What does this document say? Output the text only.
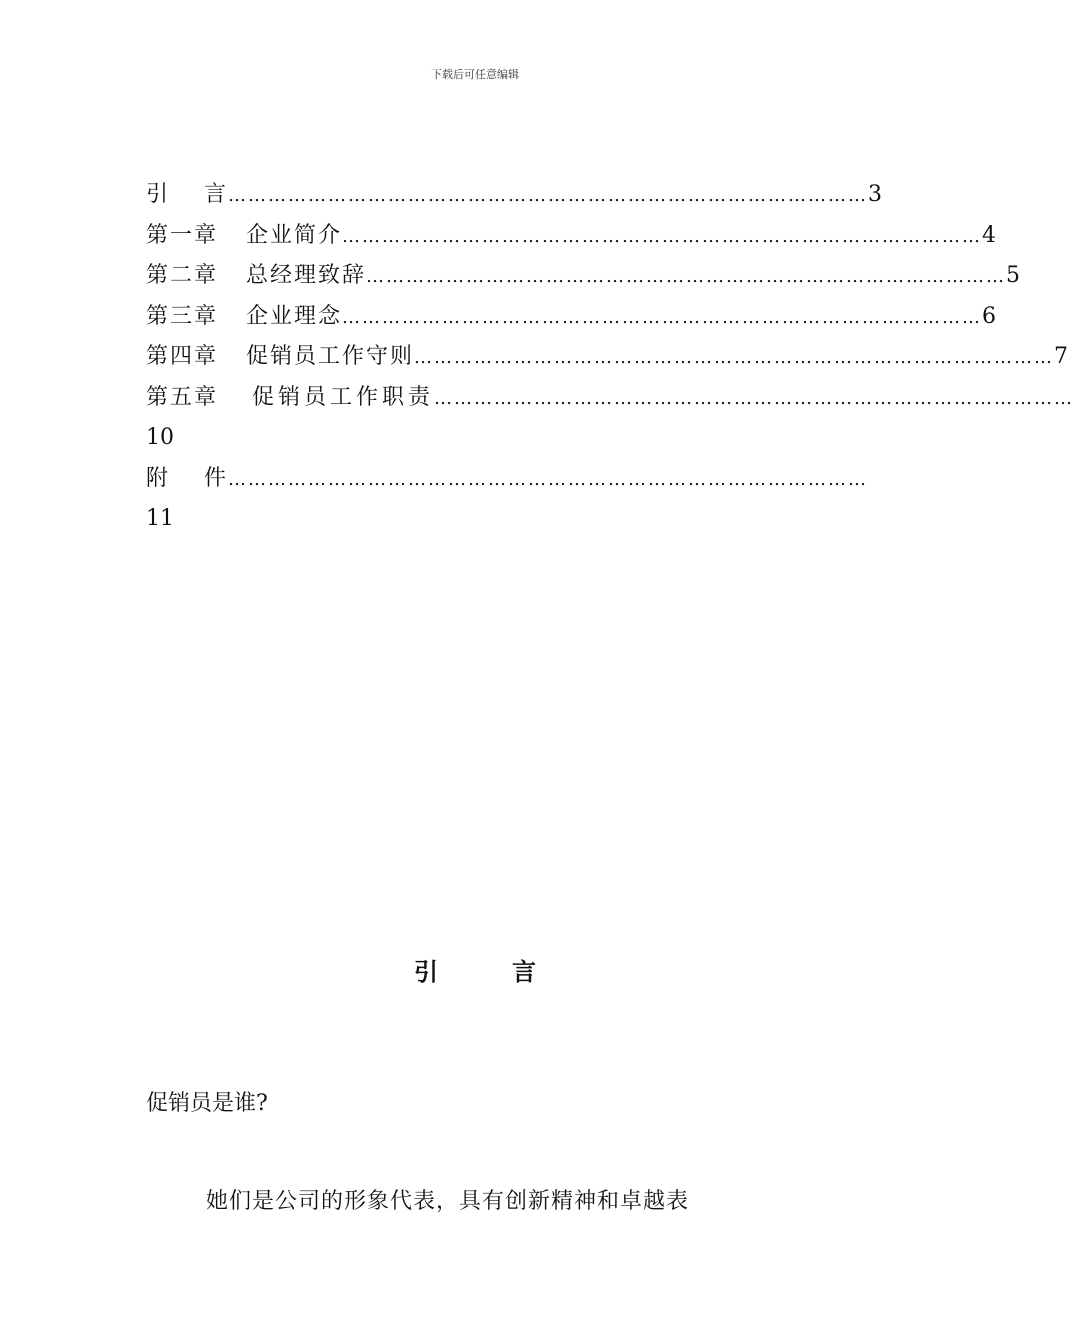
下载后可任意编辑
引 言 …………………………………………………………………………………… 3
第一章 企业简介 …………………………………………………………………………………… 4
第二章 总经理致辞 …………………………………………………………………………………… 5
第三章 企业理念 …………………………………………………………………………………… 6
第四章 促销员工作守则 …………………………………………………………………………………… 7
第五章 促销员工作职责 ……………………………………………………………………………………
10
附 件 ……………………………………………………………………………………
11
引	言
促销员是谁?
她们是公司的形象代表，具有创新精神和卓越表
